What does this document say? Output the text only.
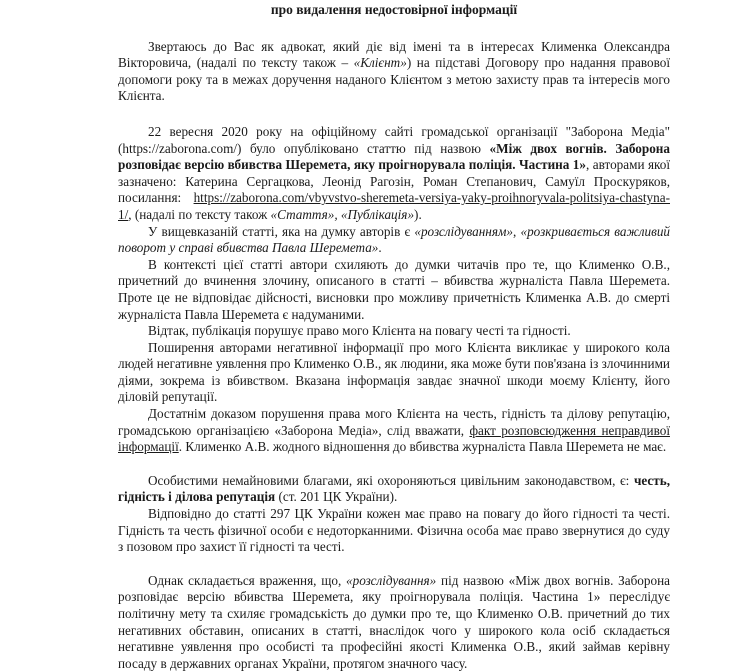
про видалення недостовірної інформації

Звертаюсь до Вас як адвокат, який діє від імені та в інтересах Клименка Олександра Вікторовича, (надалі по тексту також – «Клієнт») на підставі Договору про надання правової допомоги року та в межах доручення наданого Клієнтом з метою захисту прав та інтересів мого Клієнта.

22 вересня 2020 року на офіційному сайті громадської організації "Заборона Медіа" (https://zaborona.com/) було опубліковано статтю під назвою «Між двох вогнів. Заборона розповідає версію вбивства Шеремета, яку проігнорувала поліція. Частина 1», авторами якої зазначено: Катерина Сергацкова, Леонід Рагозін, Роман Степанович, Самуїл Проскуряков, посилання: https://zaborona.com/vbyvstvo-sheremeta-versiya-yaky-proihnoryvala-politsiya-chastyna-1/, (надалі по тексту також «Стаття», «Публікація»).

У вищевказаній статті, яка на думку авторів є «розслідуванням», «розкривається важливий поворот у справі вбивства Павла Шеремета».

В контексті цієї статті автори схиляють до думки читачів про те, що Клименко О.В., причетний до вчинення злочину, описаного в статті – вбивства журналіста Павла Шеремета. Проте це не відповідає дійсності, висновки про можливу причетність Клименка А.В. до смерті журналіста Павла Шеремета є надуманими.

Відтак, публікація порушує право мого Клієнта на повагу честі та гідності.

Поширення авторами негативної інформації про мого Клієнта викликає у широкого кола людей негативне уявлення про Клименко О.В., як людини, яка може бути пов'язана із злочинними діями, зокрема із вбивством. Вказана інформація завдає значної шкоди моєму Клієнту, його діловій репутації.

Достатнім доказом порушення права мого Клієнта на честь, гідність та ділову репутацію, громадською організацією «Заборона Медіа», слід вважати, факт розповсюдження неправдивої інформації. Клименко А.В. жодного відношення до вбивства журналіста Павла Шеремета не має.

Особистими немайновими благами, які охороняються цивільним законодавством, є: честь, гідність і ділова репутація (ст. 201 ЦК України).

Відповідно до статті 297 ЦК України кожен має право на повагу до його гідності та честі. Гідність та честь фізичної особи є недоторканними. Фізична особа має право звернутися до суду з позовом про захист її гідності та честі.

Однак складається враження, що, «розслідування» під назвою «Між двох вогнів. Заборона розповідає версію вбивства Шеремета, яку проігнорувала поліція. Частина 1» переслідує політичну мету та схиляє громадськість до думки про те, що Клименко О.В. причетний до тих негативних обставин, описаних в статті, внаслідок чого у широкого кола осіб складається негативне уявлення про особисті та професійні якості Клименка О.В., який займав керівну посаду в державних органах України, протягом значного часу.
